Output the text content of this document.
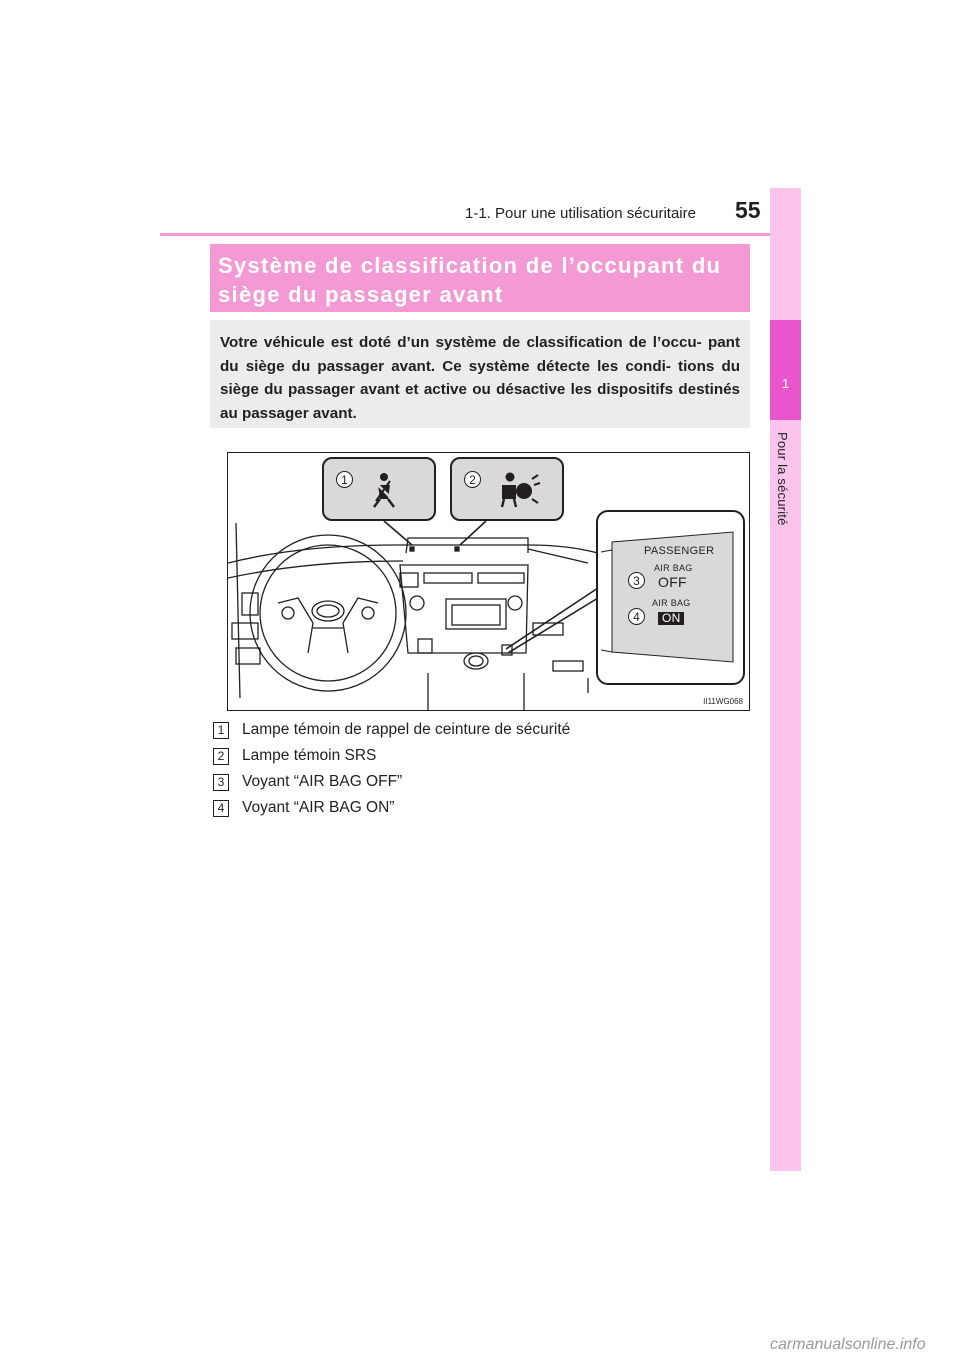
1-1. Pour une utilisation sécuritaire 55
1
Pour la sécurité
Système de classification de l’occupant du
siège du passager avant

Votre véhicule est doté d’un système de classification de l’occu- pant du siège du passager avant. Ce système détecte les condi- tions du siège du passager avant et active ou désactive les dispositifs destinés au passager avant.

1	2
PASSENGER
3
AIR BAG
OFF
4
AIR BAG
ON
II11WG068
1	Lampe témoin de rappel de ceinture de sécurité
2	Lampe témoin SRS
3	Voyant “AIR BAG OFF”
4	Voyant “AIR BAG ON”
carmanualsonline.info
